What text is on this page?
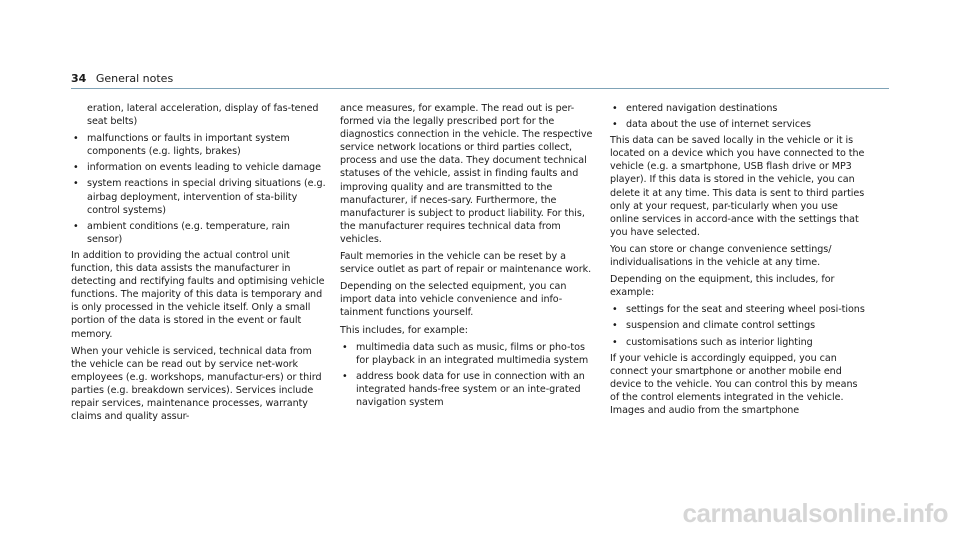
34 General notes

eration, lateral acceleration, display of fas-tened seat belts)

• malfunctions or faults in important system components (e.g. lights, brakes)
• information on events leading to vehicle damage
• system reactions in special driving situations (e.g. airbag deployment, intervention of sta-bility control systems)
• ambient conditions (e.g. temperature, rain sensor)

In addition to providing the actual control unit function, this data assists the manufacturer in detecting and rectifying faults and optimising vehicle functions. The majority of this data is temporary and is only processed in the vehicle itself. Only a small portion of the data is stored in the event or fault memory.

When your vehicle is serviced, technical data from the vehicle can be read out by service net-work employees (e.g. workshops, manufactur-ers) or third parties (e.g. breakdown services). Services include repair services, maintenance processes, warranty claims and quality assur-

ance measures, for example. The read out is per-formed via the legally prescribed port for the diagnostics connection in the vehicle. The respective service network locations or third parties collect, process and use the data. They document technical statuses of the vehicle, assist in finding faults and improving quality and are transmitted to the manufacturer, if neces-sary. Furthermore, the manufacturer is subject to product liability. For this, the manufacturer requires technical data from vehicles.

Fault memories in the vehicle can be reset by a service outlet as part of repair or maintenance work.

Depending on the selected equipment, you can import data into vehicle convenience and info-tainment functions yourself.

This includes, for example:

• multimedia data such as music, films or pho-tos for playback in an integrated multimedia system
• address book data for use in connection with an integrated hands-free system or an inte-grated navigation system
• entered navigation destinations
• data about the use of internet services

This data can be saved locally in the vehicle or it is located on a device which you have connected to the vehicle (e.g. a smartphone, USB flash drive or MP3 player). If this data is stored in the vehicle, you can delete it at any time. This data is sent to third parties only at your request, par-ticularly when you use online services in accord-ance with the settings that you have selected.

You can store or change convenience settings/ individualisations in the vehicle at any time.

Depending on the equipment, this includes, for example:

• settings for the seat and steering wheel posi-tions
• suspension and climate control settings
• customisations such as interior lighting

If your vehicle is accordingly equipped, you can connect your smartphone or another mobile end device to the vehicle. You can control this by means of the control elements integrated in the vehicle. Images and audio from the smartphone

carmanualsonline.info
